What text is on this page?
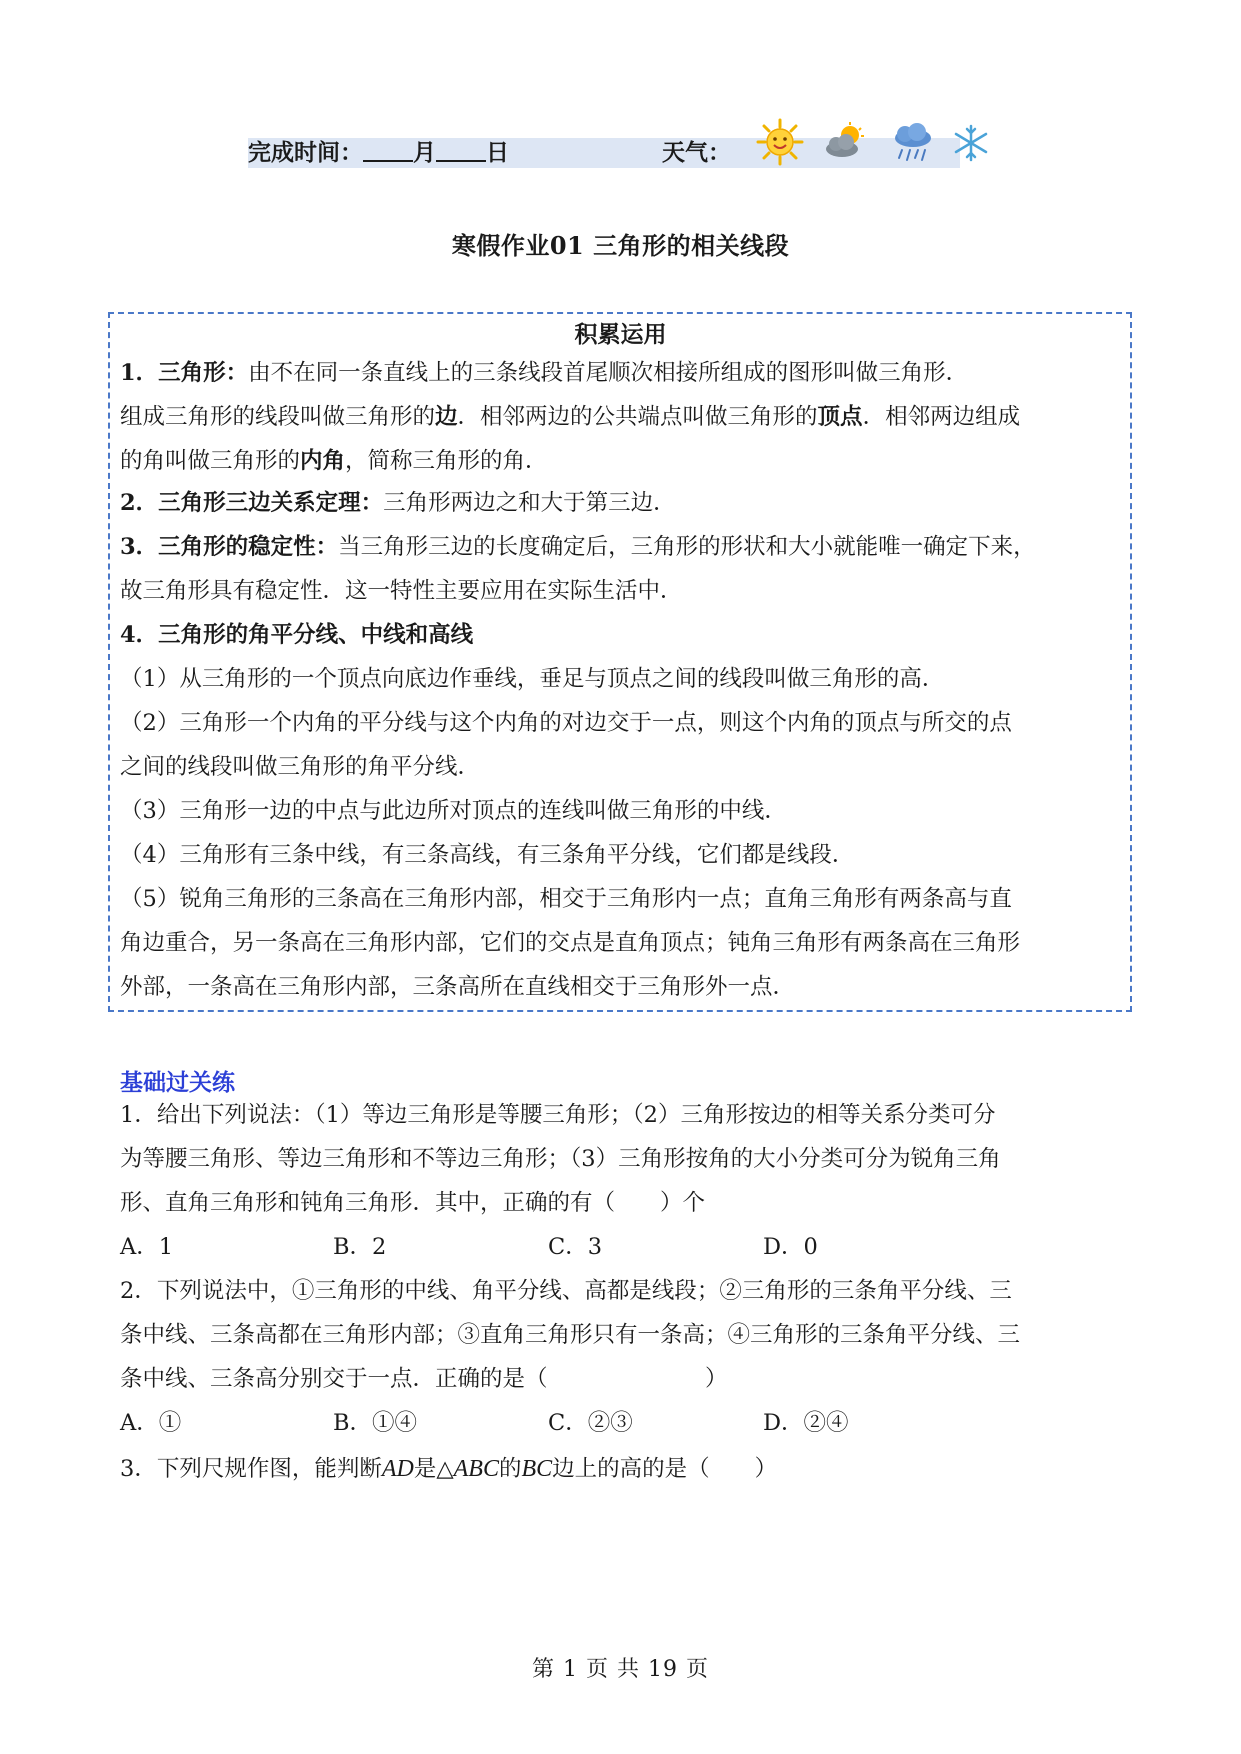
完成时间： 月 日	天气：
寒假作业01 三角形的相关线段
积累运用
1．三角形：由不在同一条直线上的三条线段首尾顺次相接所组成的图形叫做三角形．
组成三角形的线段叫做三角形的边．相邻两边的公共端点叫做三角形的顶点．相邻两边组成
的角叫做三角形的内角，简称三角形的角．
2．三角形三边关系定理：三角形两边之和大于第三边．
3．三角形的稳定性：当三角形三边的长度确定后，三角形的形状和大小就能唯一确定下来，
故三角形具有稳定性．这一特性主要应用在实际生活中．
4．三角形的角平分线、中线和高线
（1）从三角形的一个顶点向底边作垂线，垂足与顶点之间的线段叫做三角形的高．
（2）三角形一个内角的平分线与这个内角的对边交于一点，则这个内角的顶点与所交的点
之间的线段叫做三角形的角平分线．
（3）三角形一边的中点与此边所对顶点的连线叫做三角形的中线．
（4）三角形有三条中线，有三条高线，有三条角平分线，它们都是线段．
（5）锐角三角形的三条高在三角形内部，相交于三角形内一点；直角三角形有两条高与直
角边重合，另一条高在三角形内部，它们的交点是直角顶点；钝角三角形有两条高在三角形
外部，一条高在三角形内部，三条高所在直线相交于三角形外一点．
基础过关练
1．给出下列说法：（1）等边三角形是等腰三角形；（2）三角形按边的相等关系分类可分
为等腰三角形、等边三角形和不等边三角形；（3）三角形按角的大小分类可分为锐角三角
形、直角三角形和钝角三角形．其中，正确的有（　　）个
A．1	B．2	C．3	D．0
2．下列说法中，①三角形的中线、角平分线、高都是线段；②三角形的三条角平分线、三
条中线、三条高都在三角形内部；③直角三角形只有一条高；④三角形的三条角平分线、三
条中线、三条高分别交于一点．正确的是（　　　　　　　）
A．①	B．①④	C．②③	D．②④
3．下列尺规作图，能判断AD是△ABC的BC边上的高的是（　　）
第 1 页 共 19 页
